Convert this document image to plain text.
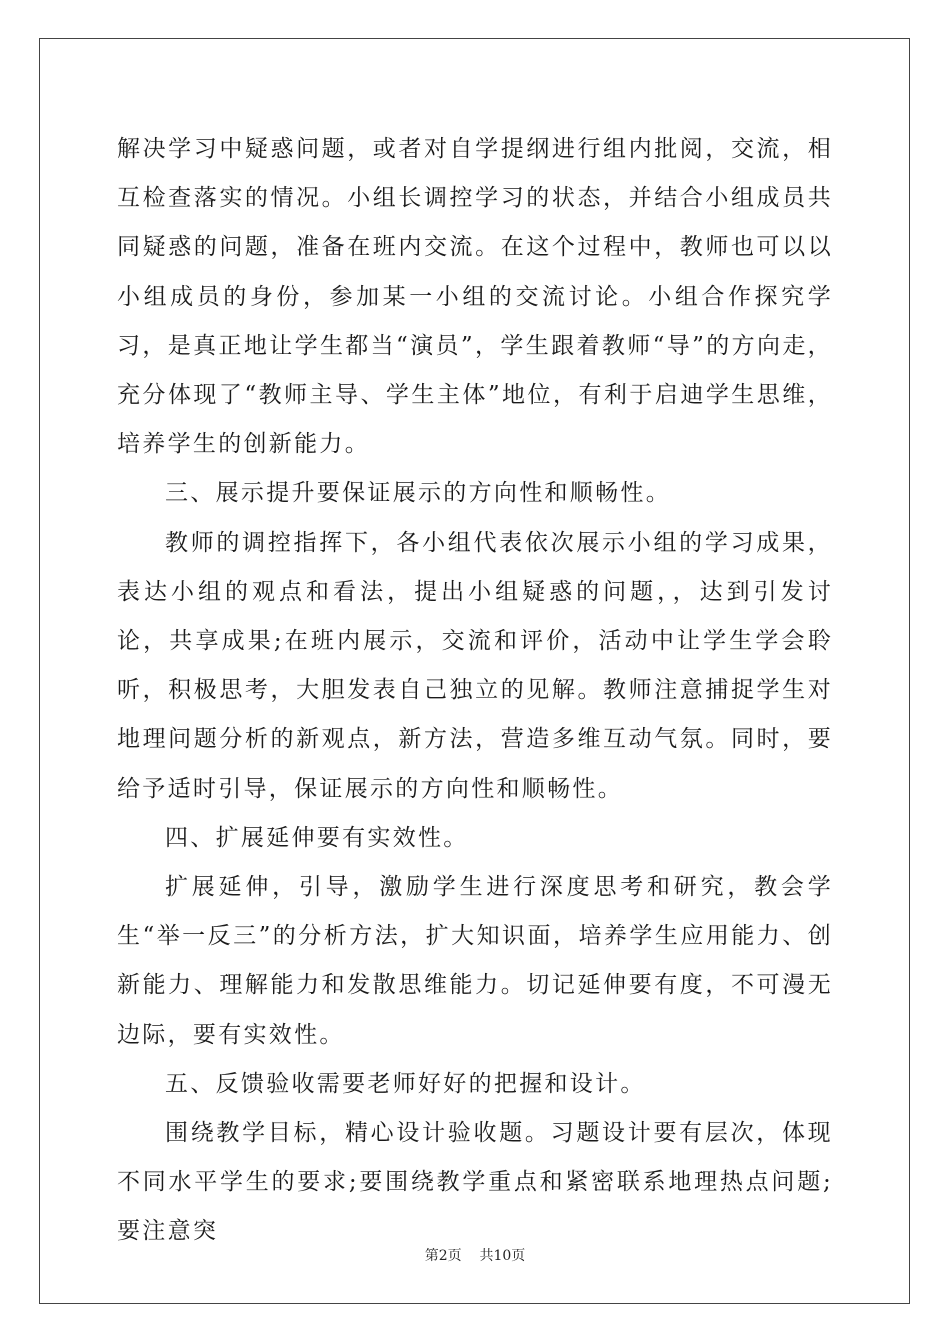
解决学习中疑惑问题，或者对自学提纲进行组内批阅，交流，相互检查落实的情况。小组长调控学习的状态，并结合小组成员共同疑惑的问题，准备在班内交流。在这个过程中，教师也可以以小组成员的身份，参加某一小组的交流讨论。小组合作探究学习，是真正地让学生都当“演员”，学生跟着教师“导”的方向走，充分体现了“教师主导、学生主体”地位，有利于启迪学生思维，培养学生的创新能力。

三、展示提升要保证展示的方向性和顺畅性。

教师的调控指挥下，各小组代表依次展示小组的学习成果，表达小组的观点和看法，提出小组疑惑的问题，，达到引发讨论，共享成果;在班内展示，交流和评价，活动中让学生学会聆听，积极思考，大胆发表自己独立的见解。教师注意捕捉学生对地理问题分析的新观点，新方法，营造多维互动气氛。同时，要给予适时引导，保证展示的方向性和顺畅性。

四、扩展延伸要有实效性。

扩展延伸，引导，激励学生进行深度思考和研究，教会学生“举一反三”的分析方法，扩大知识面，培养学生应用能力、创新能力、理解能力和发散思维能力。切记延伸要有度，不可漫无边际，要有实效性。

五、反馈验收需要老师好好的把握和设计。

围绕教学目标，精心设计验收题。习题设计要有层次，体现不同水平学生的要求;要围绕教学重点和紧密联系地理热点问题;要注意突

第2页 共10页
